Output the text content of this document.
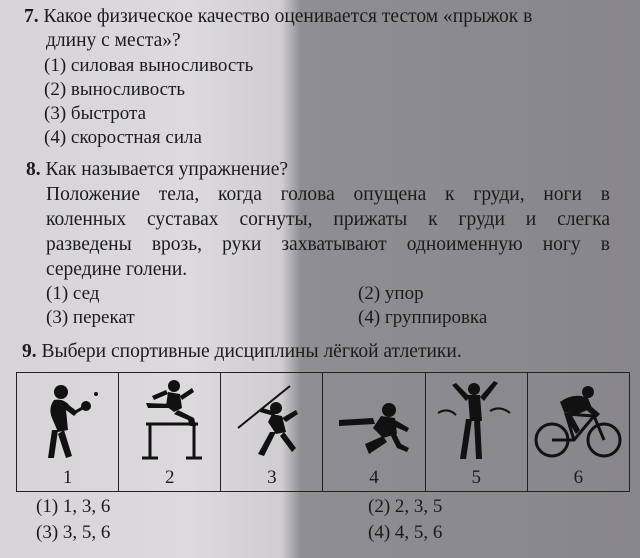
7. Какое физическое качество оценивается тестом «прыжок в
длину с места»?
(1) силовая выносливость
(2) выносливость
(3) быстрота
(4) скоростная сила
8. Как называется упражнение?
Положение тела, когда голова опущена к груди, ноги в
коленных суставах согнуты, прижаты к груди и слегка
разведены врозь, руки захватывают одноименную ногу в
середине голени.
(1) сед	(2) упор
(3) перекат	(4) группировка
9. Выбери спортивные дисциплины лёгкой атлетики.
1	2	3	4	5	6
(1) 1, 3, 6	(2) 2, 3, 5
(3) 3, 5, 6	(4) 4, 5, 6
